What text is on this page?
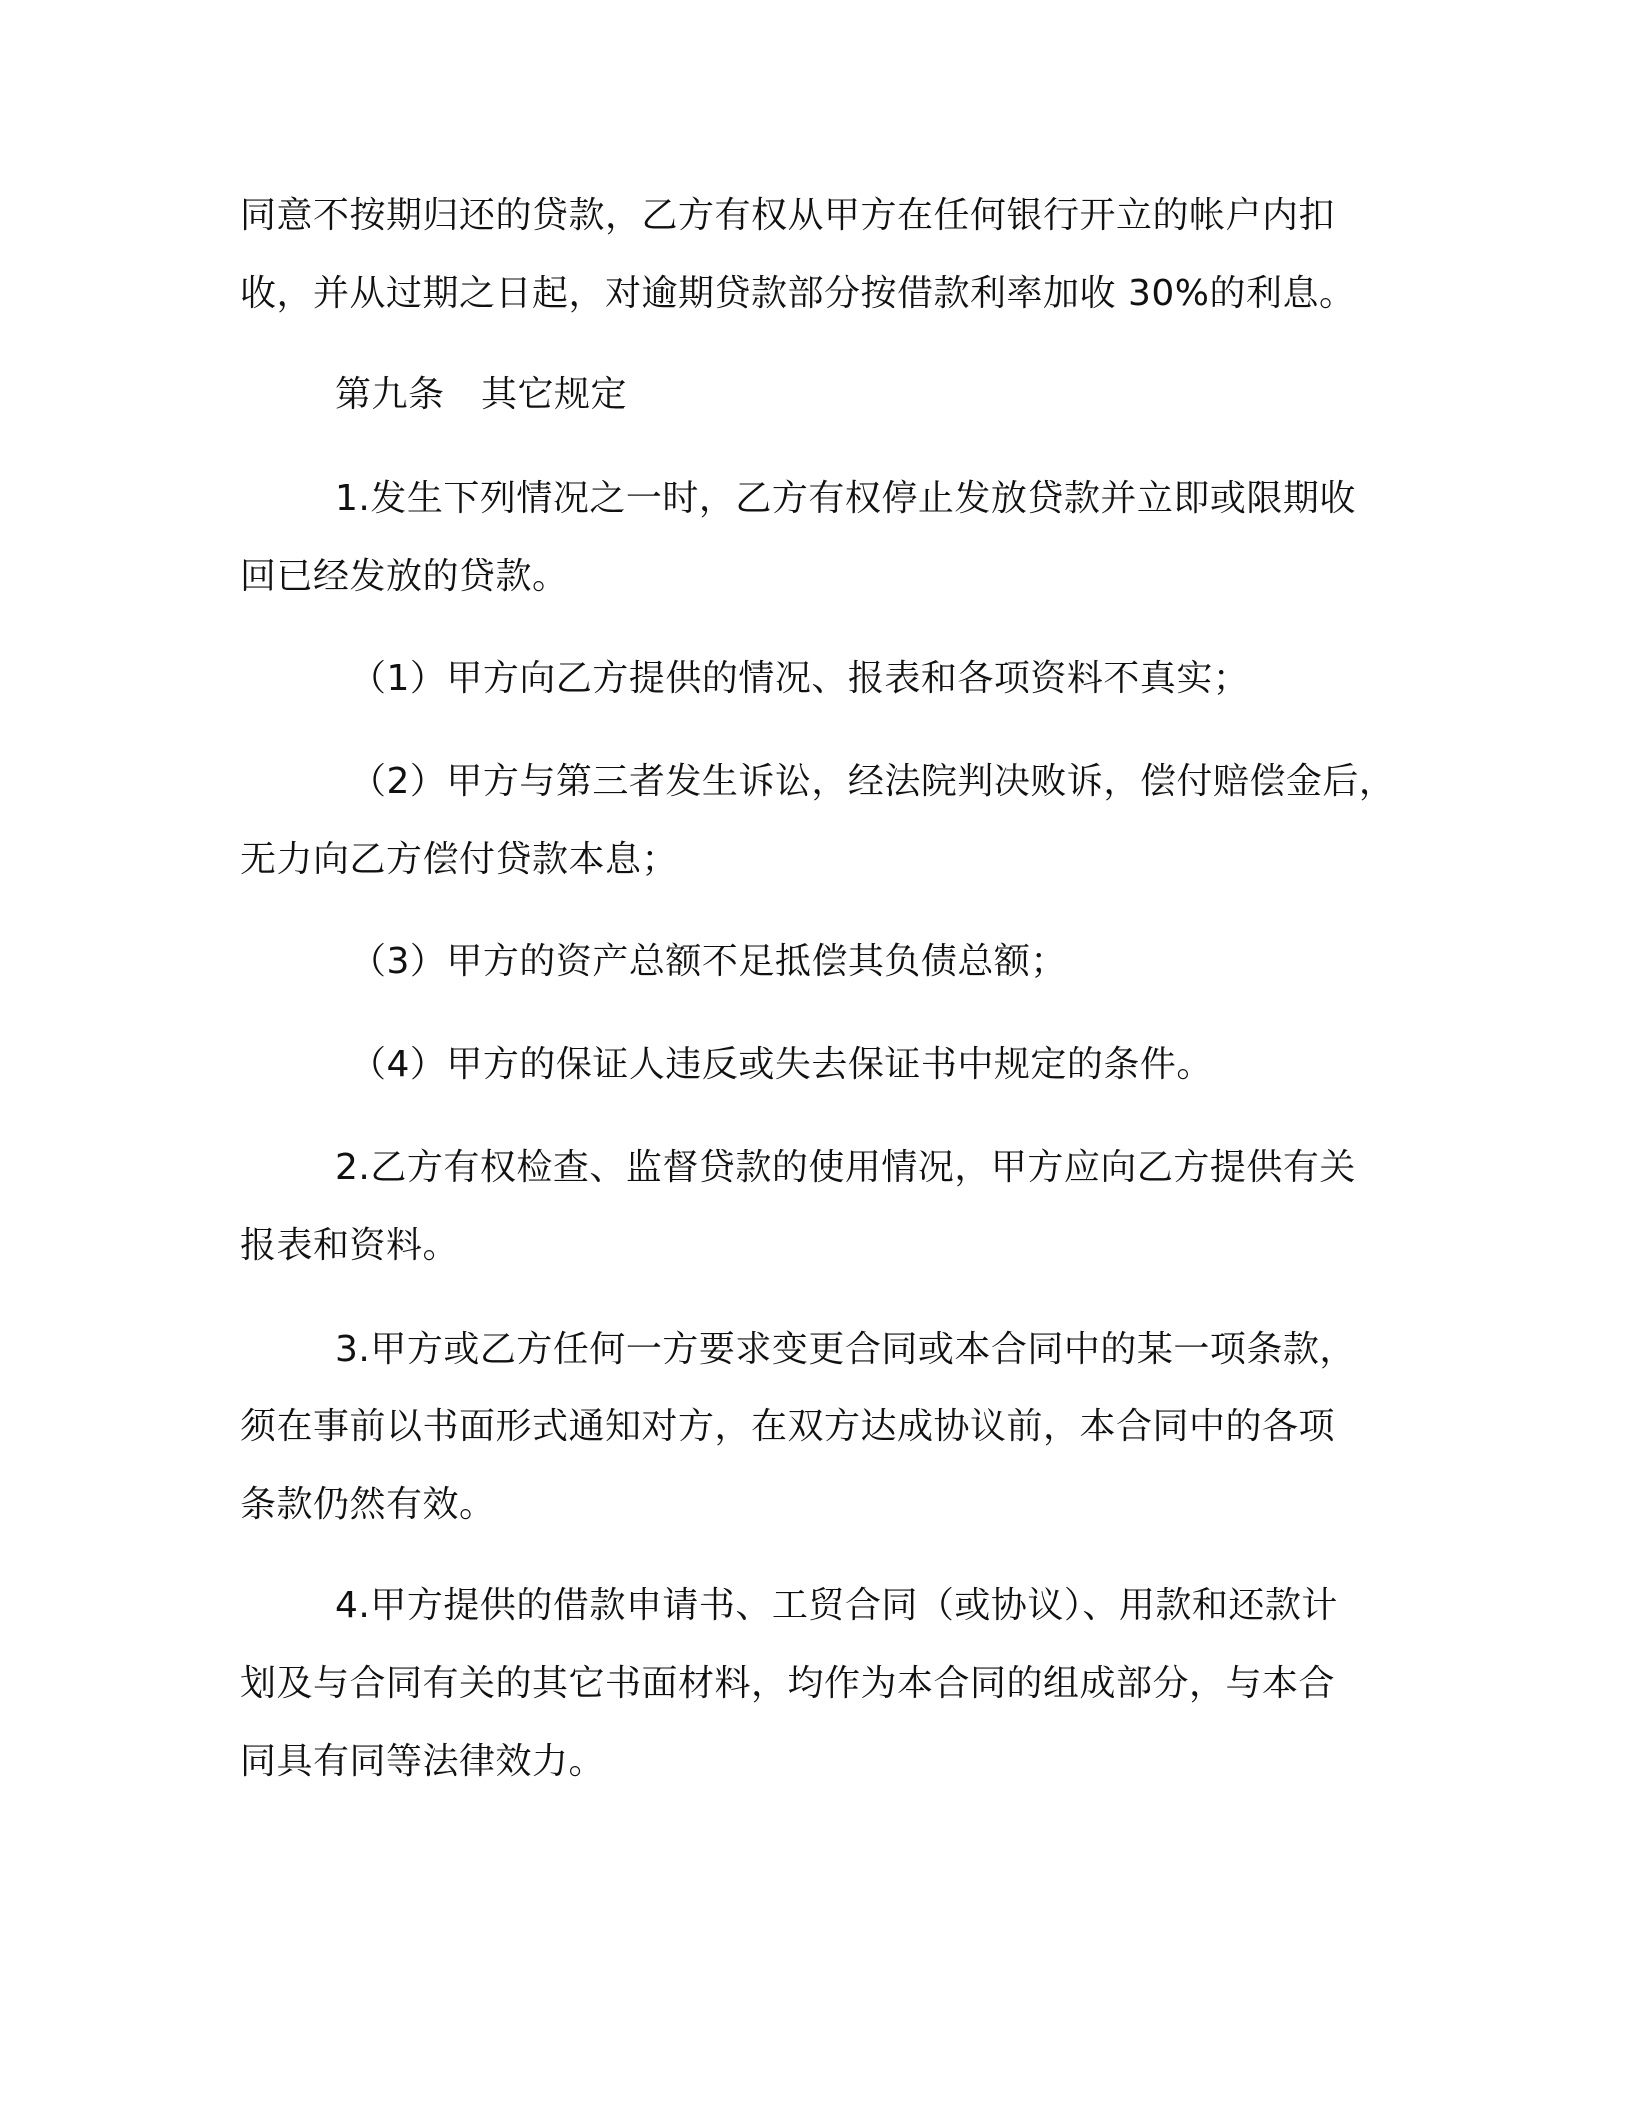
同意不按期归还的贷款，乙方有权从甲方在任何银行开立的帐户内扣
收，并从过期之日起，对逾期贷款部分按借款利率加收 30%的利息。
第九条　其它规定
1.发生下列情况之一时，乙方有权停止发放贷款并立即或限期收
回已经发放的贷款。
（1）甲方向乙方提供的情况、报表和各项资料不真实；
（2）甲方与第三者发生诉讼，经法院判决败诉，偿付赔偿金后，
无力向乙方偿付贷款本息；
（3）甲方的资产总额不足抵偿其负债总额；
（4）甲方的保证人违反或失去保证书中规定的条件。
2.乙方有权检查、监督贷款的使用情况，甲方应向乙方提供有关
报表和资料。
3.甲方或乙方任何一方要求变更合同或本合同中的某一项条款，
须在事前以书面形式通知对方，在双方达成协议前，本合同中的各项
条款仍然有效。
4.甲方提供的借款申请书、工贸合同（或协议）、用款和还款计
划及与合同有关的其它书面材料，均作为本合同的组成部分，与本合
同具有同等法律效力。
